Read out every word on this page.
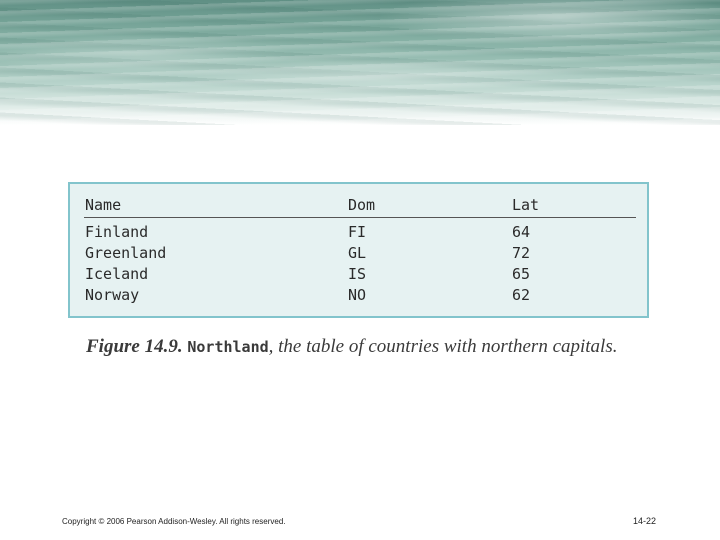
Name	Dom	Lat
Finland	FI	64
Greenland	GL	72
Iceland	IS	65
Norway	NO	62
Figure 14.9. Northland, the table of countries with northern capitals.
Copyright © 2006 Pearson Addison-Wesley. All rights reserved.	14-22
